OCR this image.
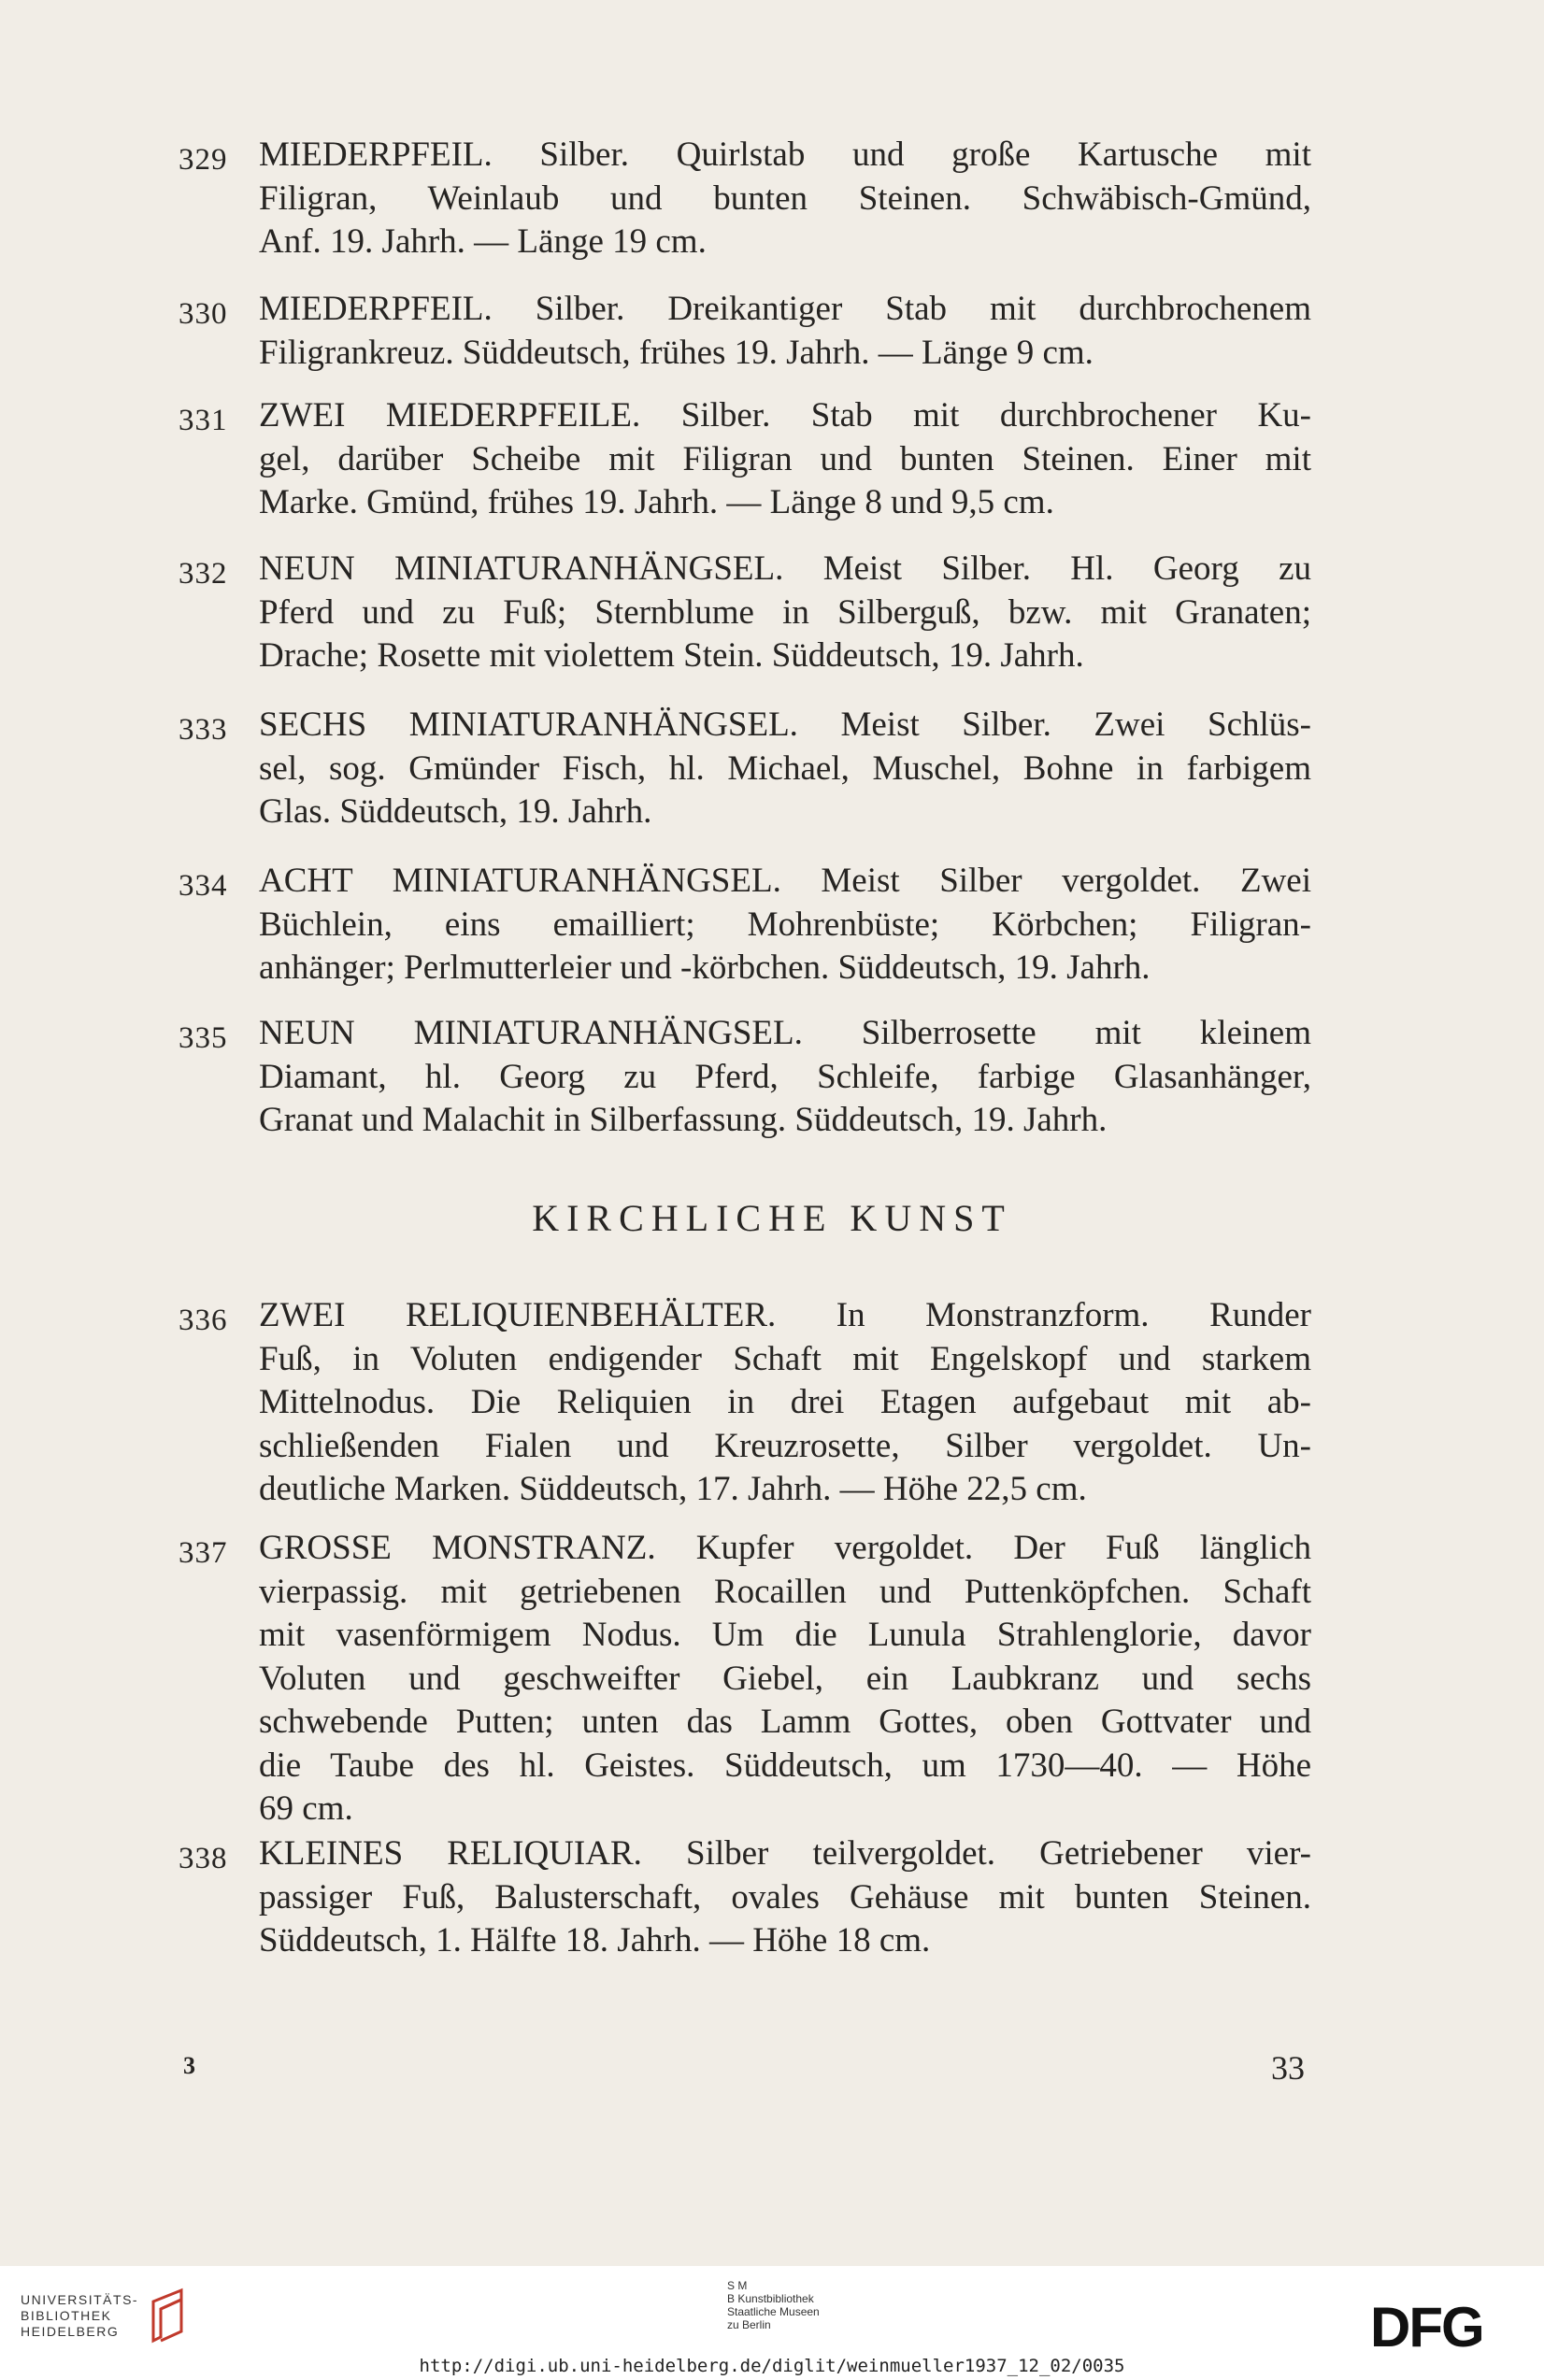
329 MIEDERPFEIL. Silber. Quirlstab und große Kartusche mit
Filigran, Weinlaub und bunten Steinen. Schwäbisch-Gmünd,
Anf. 19. Jahrh. — Länge 19 cm.
330 MIEDERPFEIL. Silber. Dreikantiger Stab mit durchbrochenem
Filigrankreuz. Süddeutsch, frühes 19. Jahrh. — Länge 9 cm.
331 ZWEI MIEDERPFEILE. Silber. Stab mit durchbrochener Ku-
gel, darüber Scheibe mit Filigran und bunten Steinen. Einer mit
Marke. Gmünd, frühes 19. Jahrh. — Länge 8 und 9,5 cm.
332 NEUN MINIATURANHÄNGSEL. Meist Silber. Hl. Georg zu
Pferd und zu Fuß; Sternblume in Silberguß, bzw. mit Granaten;
Drache; Rosette mit violettem Stein. Süddeutsch, 19. Jahrh.
333 SECHS MINIATURANHÄNGSEL. Meist Silber. Zwei Schlüs-
sel, sog. Gmünder Fisch, hl. Michael, Muschel, Bohne in farbigem
Glas. Süddeutsch, 19. Jahrh.
334 ACHT MINIATURANHÄNGSEL. Meist Silber vergoldet. Zwei
Büchlein, eins emailliert; Mohrenbüste; Körbchen; Filigran-
anhänger; Perlmutterleier und -körbchen. Süddeutsch, 19. Jahrh.
335 NEUN MINIATURANHÄNGSEL. Silberrosette mit kleinem
Diamant, hl. Georg zu Pferd, Schleife, farbige Glasanhänger,
Granat und Malachit in Silberfassung. Süddeutsch, 19. Jahrh.
336 ZWEI RELIQUIENBEHÄLTER. In Monstranzform. Runder
Fuß, in Voluten endigender Schaft mit Engelskopf und starkem
Mittelnodus. Die Reliquien in drei Etagen aufgebaut mit ab-
schließenden Fialen und Kreuzrosette, Silber vergoldet. Un-
deutliche Marken. Süddeutsch, 17. Jahrh. — Höhe 22,5 cm.
337 GROSSE MONSTRANZ. Kupfer vergoldet. Der Fuß länglich
vierpassig. mit getriebenen Rocaillen und Puttenköpfchen. Schaft
mit vasenförmigem Nodus. Um die Lunula Strahlenglorie, davor
Voluten und geschweifter Giebel, ein Laubkranz und sechs
schwebende Putten; unten das Lamm Gottes, oben Gottvater und
die Taube des hl. Geistes. Süddeutsch, um 1730—40. — Höhe
69 cm.
338 KLEINES RELIQUIAR. Silber teilvergoldet. Getriebener vier-
passiger Fuß, Balusterschaft, ovales Gehäuse mit bunten Steinen.
Süddeutsch, 1. Hälfte 18. Jahrh. — Höhe 18 cm.
KIRCHLICHE KUNST
3	33
UNIVERSITÄTS-
BIBLIOTHEK
HEIDELBERG
S M
B Kunstbibliothek
Staatliche Museen
zu Berlin	DFG
http://digi.ub.uni-heidelberg.de/diglit/weinmueller1937_12_02/0035
